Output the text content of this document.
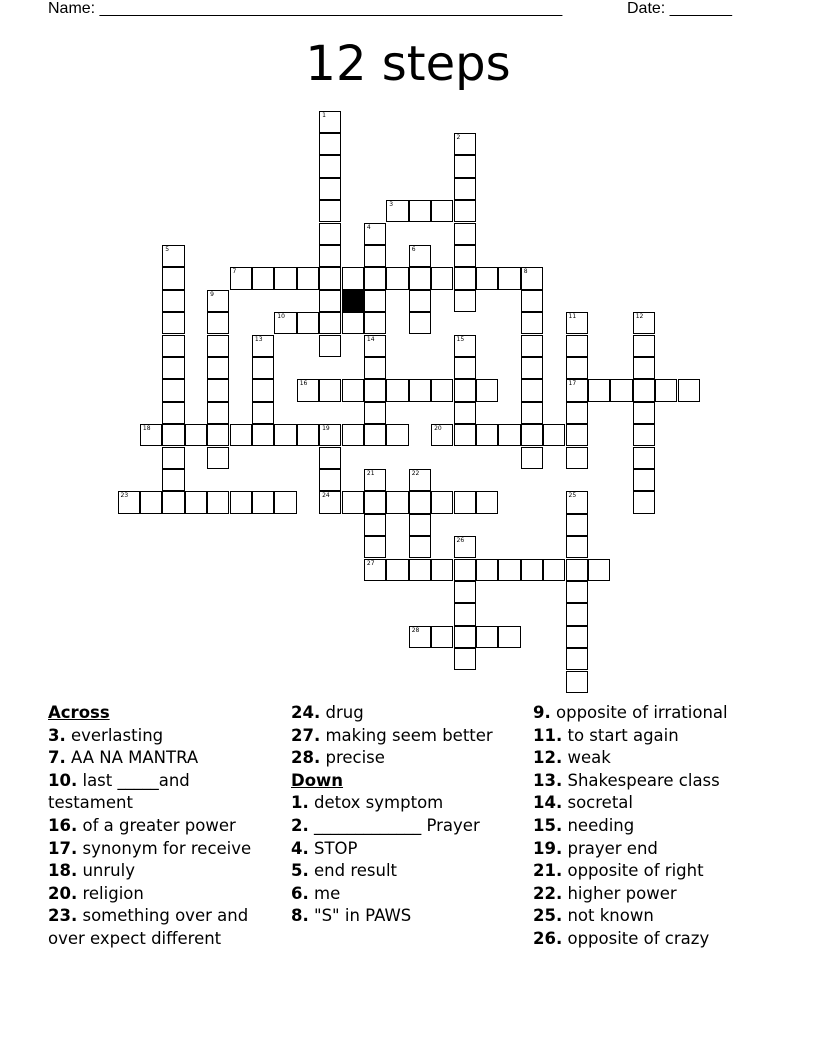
Name: ____________________________________________________	Date: _______
12 steps
1
2
3
4
14
5	6
7	8
9
10	11
17
12
13	15
16
18	19
24
20
21
27
22
23	25
26
28
Across
3. everlasting
7. AA NA MANTRA
10. last _____and testament
16. of a greater power
17. synonym for receive
18. unruly
20. religion
23. something over and over expect different
24. drug
27. making seem better
28. precise
Down
1. detox symptom
2. _____________ Prayer
4. STOP
5. end result
6. me
8. "S" in PAWS
9. opposite of irrational
11. to start again
12. weak
13. Shakespeare class
14. socretal
15. needing
19. prayer end
21. opposite of right
22. higher power
25. not known
26. opposite of crazy
